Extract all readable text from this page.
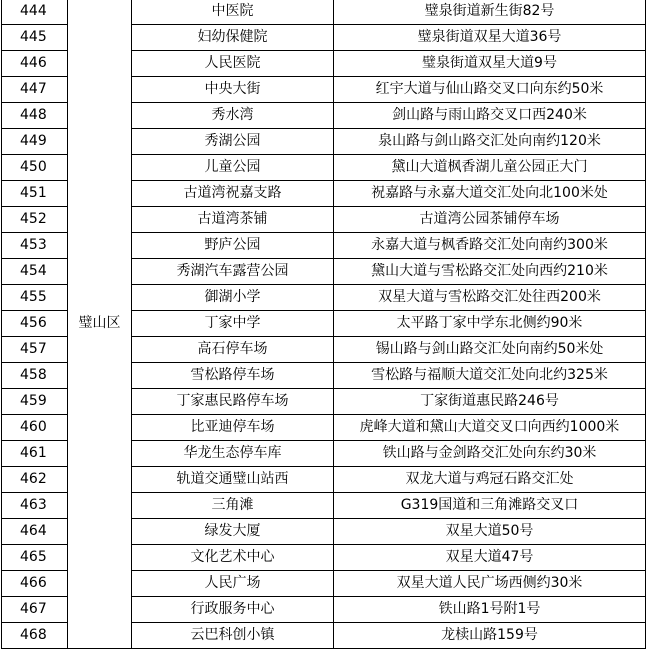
444	璧山区	中医院	璧泉街道新生街82号
445		妇幼保健院	璧泉街道双星大道36号
446		人民医院	璧泉街道双星大道9号
447		中央大街	红宇大道与仙山路交叉口向东约50米
448		秀水湾	剑山路与雨山路交叉口西240米
449		秀湖公园	泉山路与剑山路交汇处向南约120米
450		儿童公园	黛山大道枫香湖儿童公园正大门
451		古道湾祝嘉支路	祝嘉路与永嘉大道交汇处向北100米处
452		古道湾茶铺	古道湾公园茶铺停车场
453		野庐公园	永嘉大道与枫香路交汇处向南约300米
454		秀湖汽车露营公园	黛山大道与雪松路交汇处向西约210米
455		御湖小学	双星大道与雪松路交汇处往西200米
456		丁家中学	太平路丁家中学东北侧约90米
457		高石停车场	锡山路与剑山路交汇处向南约50米处
458		雪松路停车场	雪松路与福顺大道交汇处向北约325米
459		丁家惠民路停车场	丁家街道惠民路246号
460		比亚迪停车场	虎峰大道和黛山大道交叉口向西约1000米
461		华龙生态停车库	铁山路与金剑路交汇处向东约30米
462		轨道交通璧山站西	双龙大道与鸡冠石路交汇处
463		三角滩	G319国道和三角滩路交叉口
464		绿发大厦	双星大道50号
465		文化艺术中心	双星大道47号
466		人民广场	双星大道人民广场西侧约30米
467		行政服务中心	铁山路1号附1号
468		云巴科创小镇	龙椟山路159号
